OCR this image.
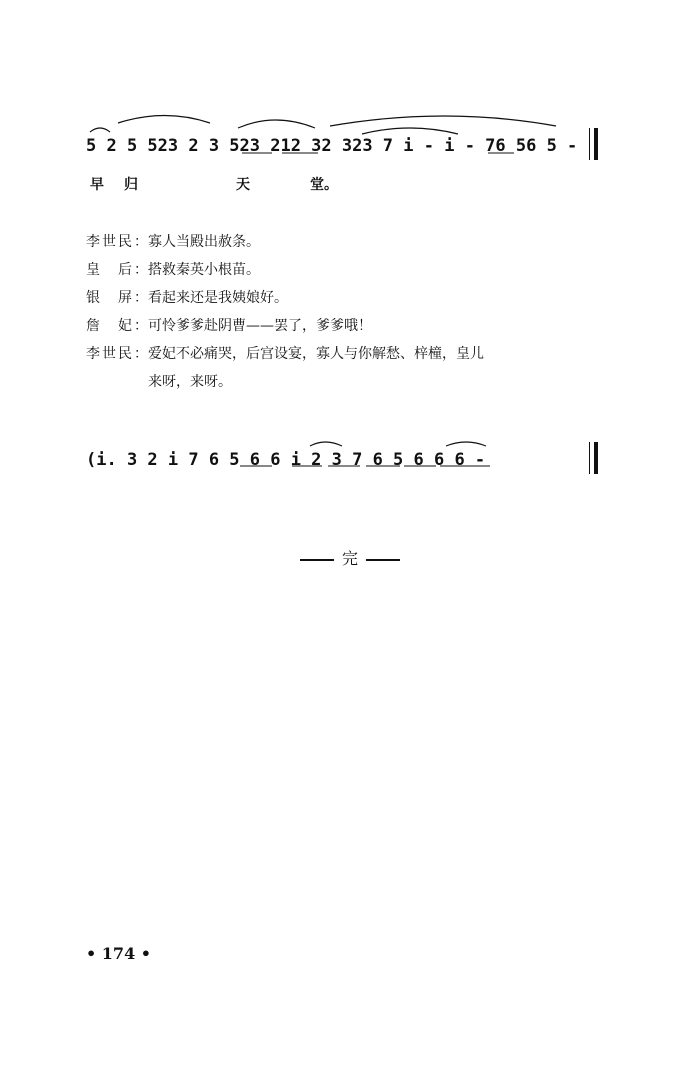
5 2 5 523 2 3 523 212 32 323 7 i - i - 76 56 5 -
早 归	天	堂。
李世民： 寡人当殿出赦条。
皇　后： 搭救秦英小根苗。
银　屏： 看起来还是我姨娘好。
詹　妃： 可怜爹爹赴阴曹——罢了，爹爹哦！
李世民： 爱妃不必痛哭，后宫设宴，寡人与你解愁、梓橦，皇儿
来呀，来呀。
(i. 3 2 i 7 6 5 6 6 i 2 3 7 6 5 6 6 6 -
完
• 174 •
